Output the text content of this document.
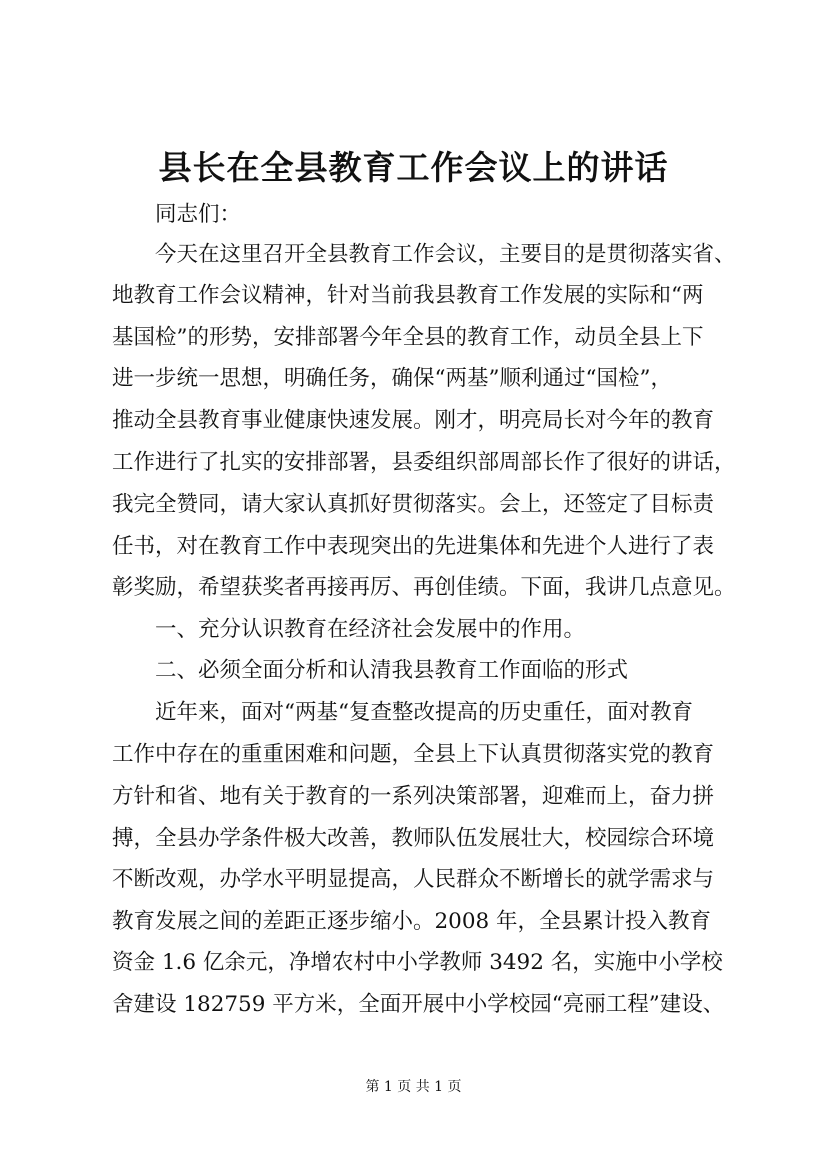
县长在全县教育工作会议上的讲话
同志们：
今天在这里召开全县教育工作会议，主要目的是贯彻落实省、
地教育工作会议精神，针对当前我县教育工作发展的实际和“两
基国检”的形势，安排部署今年全县的教育工作，动员全县上下
进一步统一思想，明确任务，确保“两基”顺利通过“国检”，
推动全县教育事业健康快速发展。刚才，明亮局长对今年的教育
工作进行了扎实的安排部署，县委组织部周部长作了很好的讲话，
我完全赞同，请大家认真抓好贯彻落实。会上，还签定了目标责
任书，对在教育工作中表现突出的先进集体和先进个人进行了表
彰奖励，希望获奖者再接再厉、再创佳绩。下面，我讲几点意见。
一、充分认识教育在经济社会发展中的作用。
二、必须全面分析和认清我县教育工作面临的形式
近年来，面对“两基“复查整改提高的历史重任，面对教育
工作中存在的重重困难和问题，全县上下认真贯彻落实党的教育
方针和省、地有关于教育的一系列决策部署，迎难而上，奋力拼
搏，全县办学条件极大改善，教师队伍发展壮大，校园综合环境
不断改观，办学水平明显提高，人民群众不断增长的就学需求与
教育发展之间的差距正逐步缩小。2008 年，全县累计投入教育
资金 1.6 亿余元，净增农村中小学教师 3492 名，实施中小学校
舍建设 182759 平方米，全面开展中小学校园“亮丽工程”建设、
第 1 页 共 1 页
